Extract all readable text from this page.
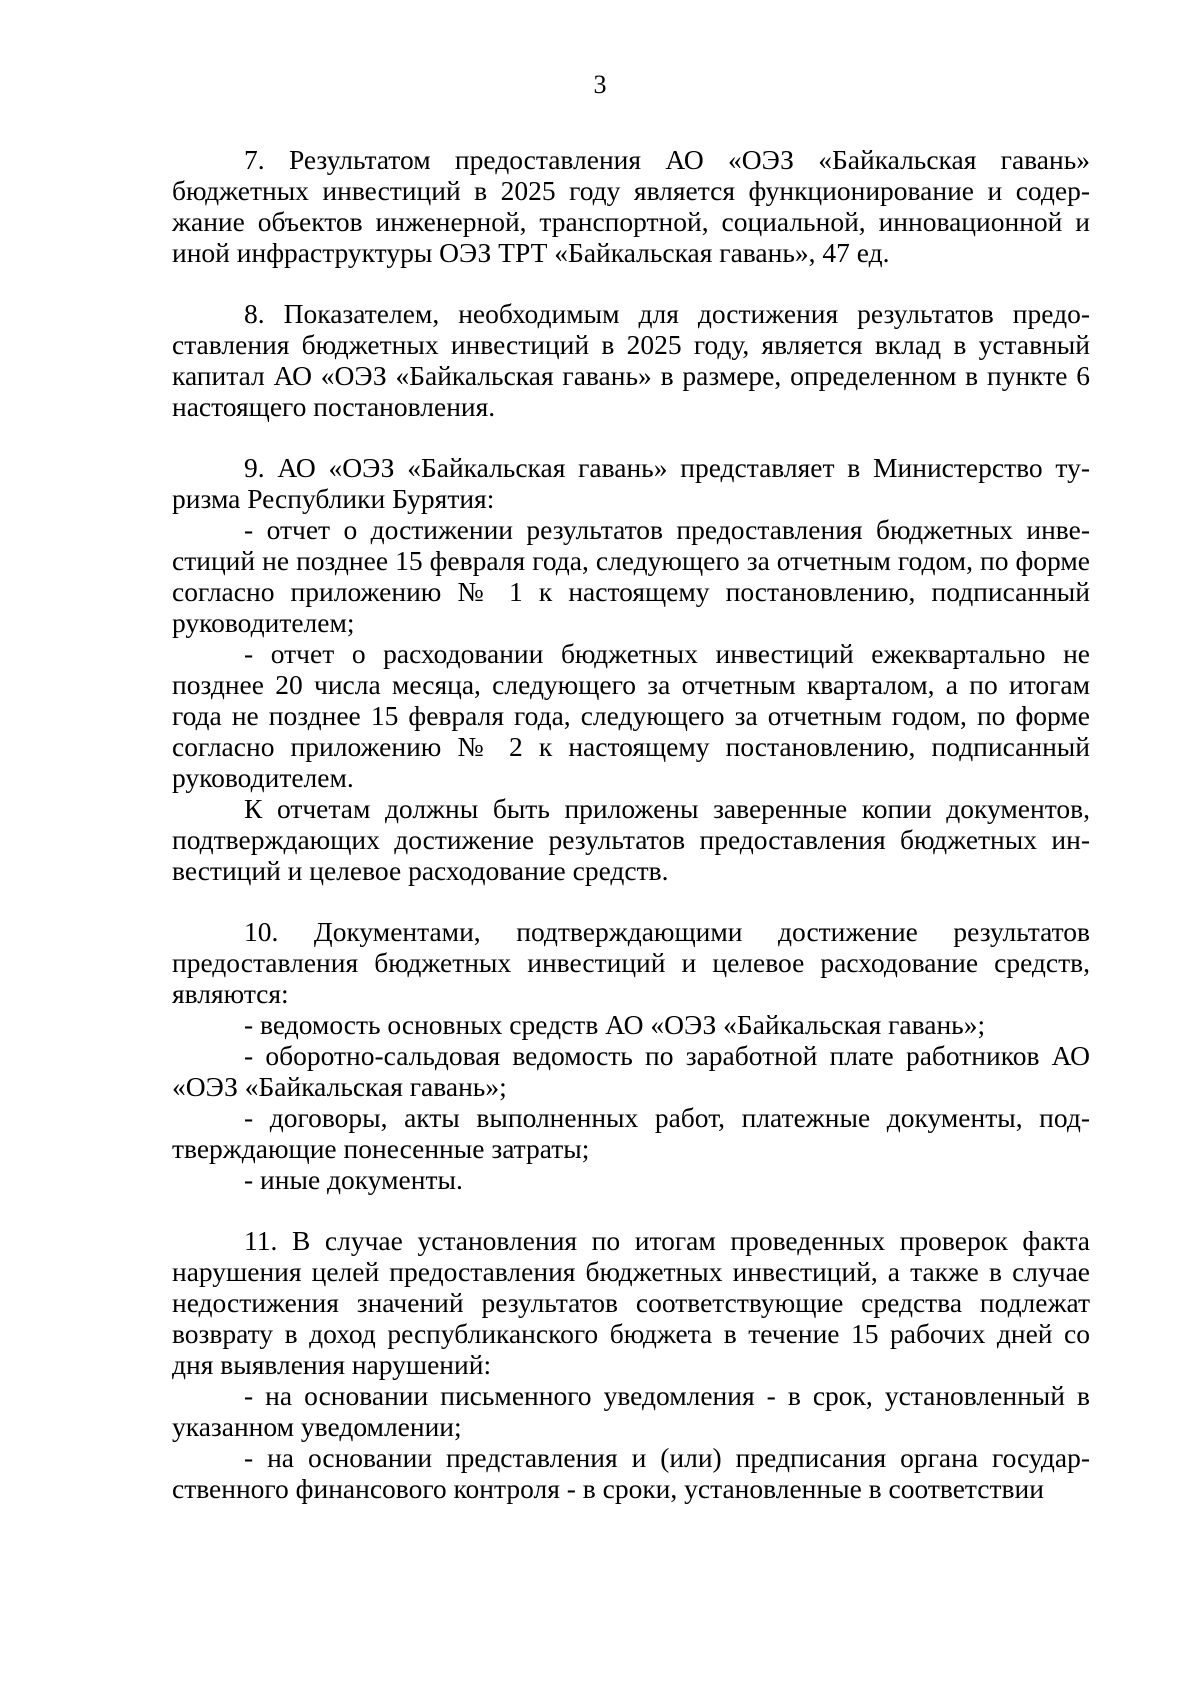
3

7. Результатом предоставления АО «ОЭЗ «Байкальская гавань» бюджетных инвестиций в 2025 году является функционирование и содержание объектов инженерной, транспортной, социальной, инновационной и иной инфраструктуры ОЭЗ ТРТ «Байкальская гавань», 47 ед.

8. Показателем, необходимым для достижения результатов предоставления бюджетных инвестиций в 2025 году, является вклад в уставный капитал АО «ОЭЗ «Байкальская гавань» в размере, определенном в пункте 6 настоящего постановления.

9. АО «ОЭЗ «Байкальская гавань» представляет в Министерство туризма Республики Бурятия:

- отчет о достижении результатов предоставления бюджетных инвестиций не позднее 15 февраля года, следующего за отчетным годом, по форме согласно приложению № 1 к настоящему постановлению, подписанный руководителем;

- отчет о расходовании бюджетных инвестиций ежеквартально не позднее 20 числа месяца, следующего за отчетным кварталом, а по итогам года не позднее 15 февраля года, следующего за отчетным годом, по форме согласно приложению № 2 к настоящему постановлению, подписанный руководителем.

К отчетам должны быть приложены заверенные копии документов, подтверждающих достижение результатов предоставления бюджетных инвестиций и целевое расходование средств.

10. Документами, подтверждающими достижение результатов предоставления бюджетных инвестиций и целевое расходование средств, являются:

- ведомость основных средств АО «ОЭЗ «Байкальская гавань»;

- оборотно-сальдовая ведомость по заработной плате работников АО «ОЭЗ «Байкальская гавань»;

- договоры, акты выполненных работ, платежные документы, подтверждающие понесенные затраты;

- иные документы.

11. В случае установления по итогам проведенных проверок факта нарушения целей предоставления бюджетных инвестиций, а также в случае недостижения значений результатов соответствующие средства подлежат возврату в доход республиканского бюджета в течение 15 рабочих дней со дня выявления нарушений:

- на основании письменного уведомления - в срок, установленный в указанном уведомлении;

- на основании представления и (или) предписания органа государственного финансового контроля - в сроки, установленные в соответствии
